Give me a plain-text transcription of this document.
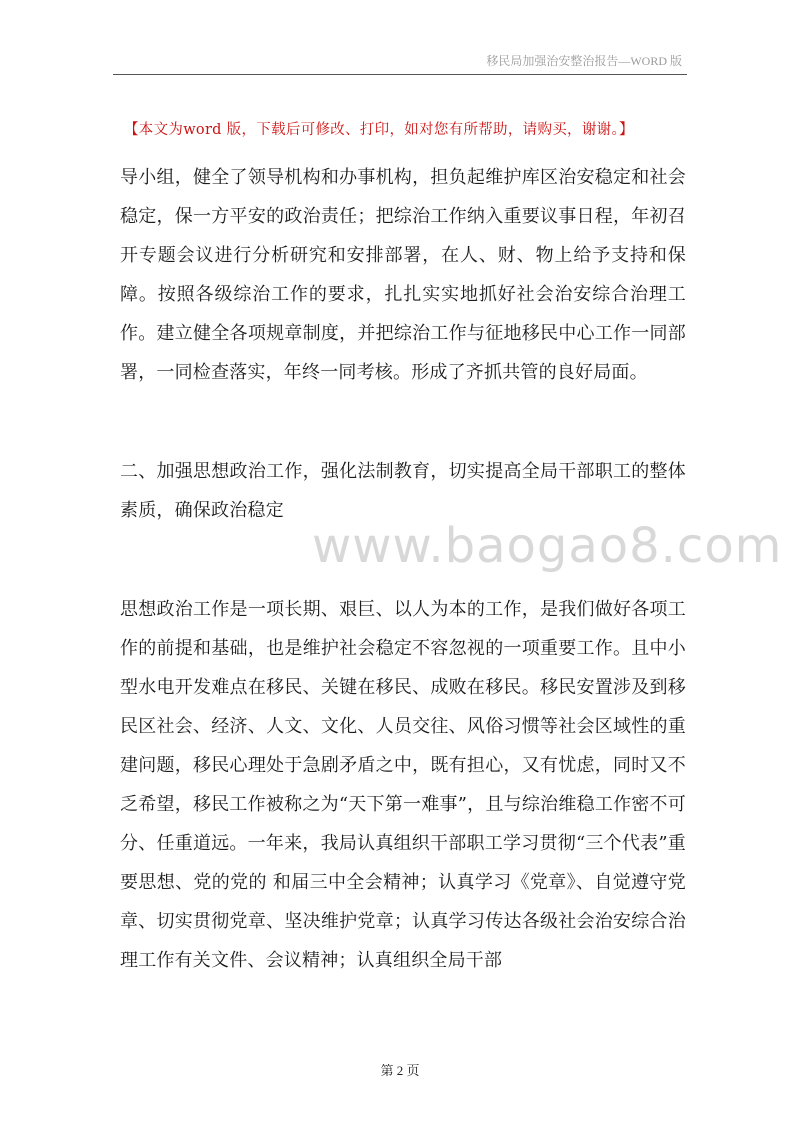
移民局加强治安整治报告—WORD 版
【本文为word 版，下载后可修改、打印，如对您有所帮助，请购买，谢谢。】

导小组，健全了领导机构和办事机构，担负起维护库区治安稳定和社会稳定，保一方平安的政治责任；把综治工作纳入重要议事日程，年初召开专题会议进行分析研究和安排部署，在人、财、物上给予支持和保障。按照各级综治工作的要求，扎扎实实地抓好社会治安综合治理工作。建立健全各项规章制度，并把综治工作与征地移民中心工作一同部署，一同检查落实，年终一同考核。形成了齐抓共管的良好局面。

二、加强思想政治工作，强化法制教育，切实提高全局干部职工的整体素质，确保政治稳定

思想政治工作是一项长期、艰巨、以人为本的工作，是我们做好各项工作的前提和基础，也是维护社会稳定不容忽视的一项重要工作。且中小型水电开发难点在移民、关键在移民、成败在移民。移民安置涉及到移民区社会、经济、人文、文化、人员交往、风俗习惯等社会区域性的重建问题，移民心理处于急剧矛盾之中，既有担心，又有忧虑，同时又不乏希望，移民工作被称之为“天下第一难事”，且与综治维稳工作密不可分、任重道远。一年来，我局认真组织干部职工学习贯彻“三个代表”重要思想、党的党的 和届三中全会精神；认真学习《党章》、自觉遵守党章、切实贯彻党章、坚决维护党章；认真学习传达各级社会治安综合治理工作有关文件、会议精神；认真组织全局干部

www.baogao8.com
第 2 页
